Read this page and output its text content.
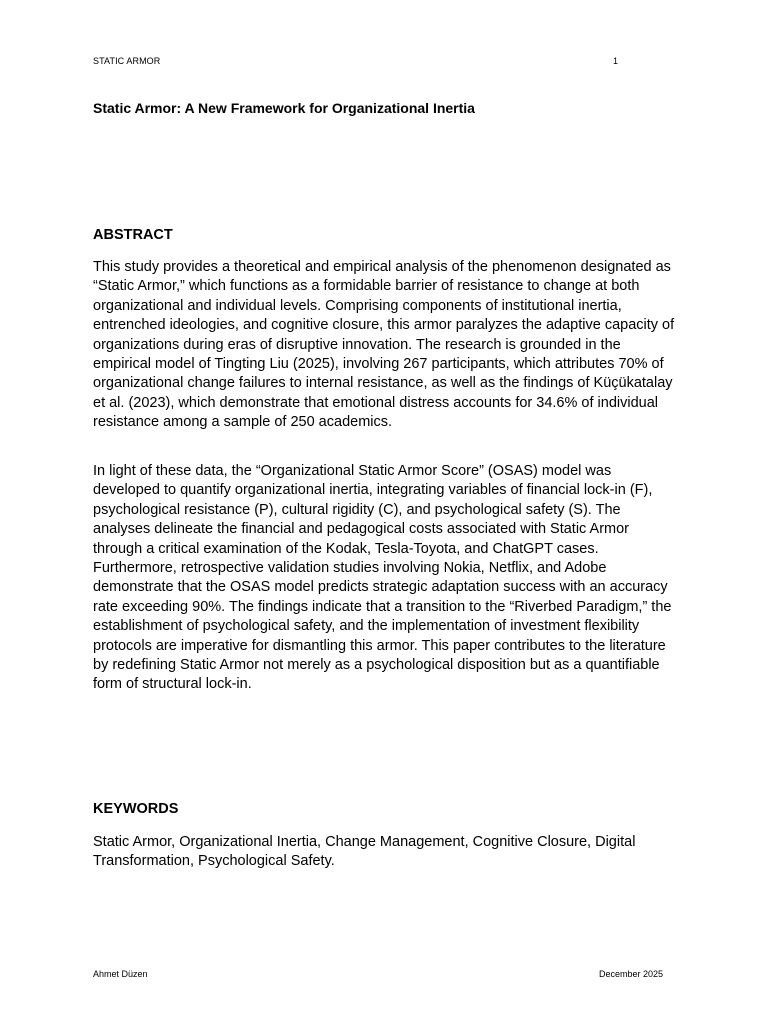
STATIC ARMOR	1
Static Armor: A New Framework for Organizational Inertia
ABSTRACT

This study provides a theoretical and empirical analysis of the phenomenon designated as “Static Armor,” which functions as a formidable barrier of resistance to change at both organizational and individual levels. Comprising components of institutional inertia, entrenched ideologies, and cognitive closure, this armor paralyzes the adaptive capacity of organizations during eras of disruptive innovation. The research is grounded in the empirical model of Tingting Liu (2025), involving 267 participants, which attributes 70% of organizational change failures to internal resistance, as well as the findings of Küçükatalay et al. (2023), which demonstrate that emotional distress accounts for 34.6% of individual resistance among a sample of 250 academics.

In light of these data, the “Organizational Static Armor Score” (OSAS) model was developed to quantify organizational inertia, integrating variables of financial lock-in (F), psychological resistance (P), cultural rigidity (C), and psychological safety (S). The analyses delineate the financial and pedagogical costs associated with Static Armor through a critical examination of the Kodak, Tesla-Toyota, and ChatGPT cases. Furthermore, retrospective validation studies involving Nokia, Netflix, and Adobe demonstrate that the OSAS model predicts strategic adaptation success with an accuracy rate exceeding 90%. The findings indicate that a transition to the “Riverbed Paradigm,” the establishment of psychological safety, and the implementation of investment flexibility protocols are imperative for dismantling this armor. This paper contributes to the literature by redefining Static Armor not merely as a psychological disposition but as a quantifiable form of structural lock-in.

KEYWORDS

Static Armor, Organizational Inertia, Change Management, Cognitive Closure, Digital Transformation, Psychological Safety.

Ahmet Düzen	December 2025
